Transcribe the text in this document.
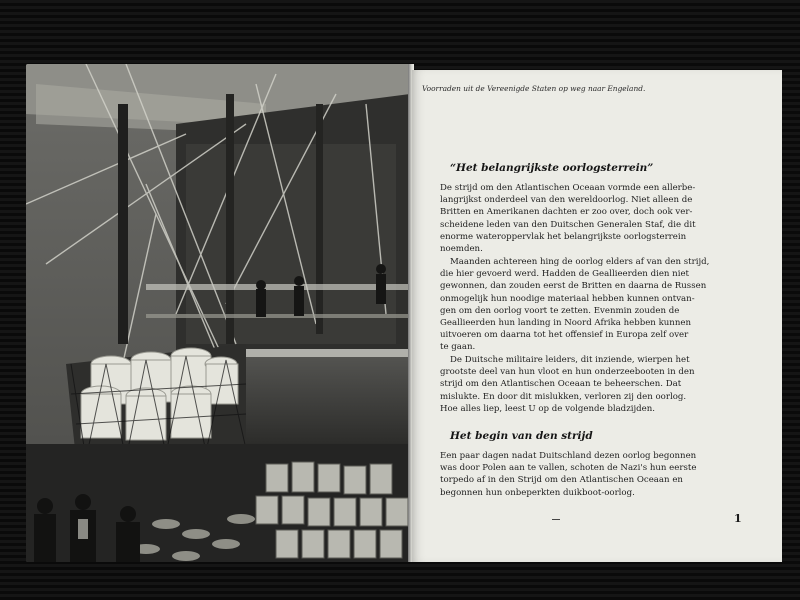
Voorraden uit de Vereenigde Staten op weg naar Engeland.
“Het belangrijkste oorlogsterrein”

De strijd om den Atlantischen Oceaan vormde een allerbe-
langrijkst onderdeel van den wereldoorlog. Niet alleen de
Britten en Amerikanen dachten er zoo over, doch ook ver-
scheidene leden van den Duitschen Generalen Staf, die dit
enorme wateroppervlak het belangrijkste oorlogsterrein
noemden.

Maanden achtereen hing de oorlog elders af van den strijd,
die hier gevoerd werd. Hadden de Geallieerden dien niet
gewonnen, dan zouden eerst de Britten en daarna de Russen
onmogelijk hun noodige materiaal hebben kunnen ontvan-
gen om den oorlog voort te zetten. Evenmin zouden de
Geallieerden hun landing in Noord Afrika hebben kunnen
uitvoeren om daarna tot het offensief in Europa zelf over
te gaan.

De Duitsche militaire leiders, dit inziende, wierpen het
grootste deel van hun vloot en hun onderzeebooten in den
strijd om den Atlantischen Oceaan te beheerschen. Dat
mislukte. En door dit mislukken, verloren zij den oorlog.
Hoe alles liep, leest U op de volgende bladzijden.

Het begin van den strijd

Een paar dagen nadat Duitschland dezen oorlog begonnen
was door Polen aan te vallen, schoten de Nazi's hun eerste
torpedo af in den Strijd om den Atlantischen Oceaan en
begonnen hun onbeperkten duikboot-oorlog.

1
